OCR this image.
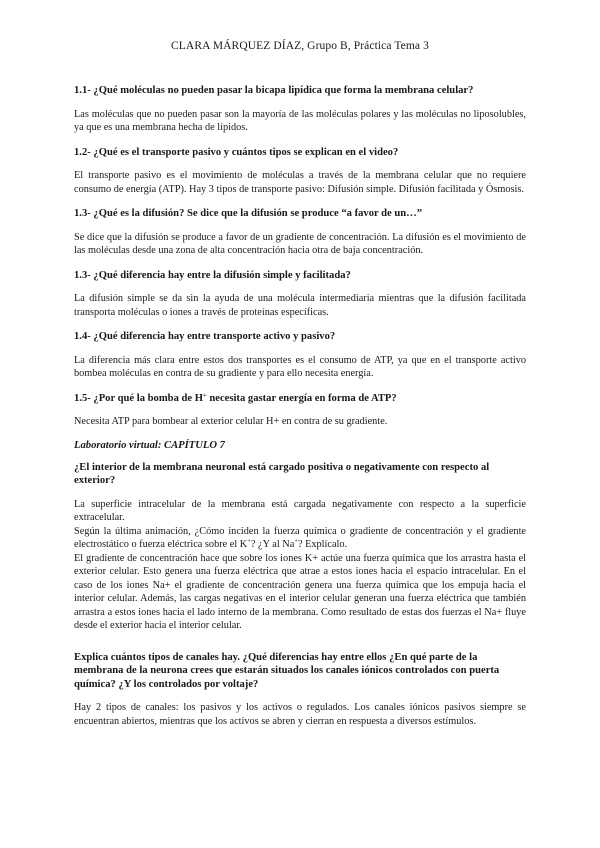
CLARA MÁRQUEZ DÍAZ, Grupo B, Práctica Tema 3

1.1- ¿Qué moléculas no pueden pasar la bicapa lipídica que forma la membrana celular?

Las moléculas que no pueden pasar son la mayoría de las moléculas polares y las moléculas no liposolubles, ya que es una membrana hecha de lípidos.

1.2- ¿Qué es el transporte pasivo y cuántos tipos se explican en el video?

El transporte pasivo es el movimiento de moléculas a través de la membrana celular que no requiere consumo de energía (ATP). Hay 3 tipos de transporte pasivo: Difusión simple. Difusión facilitada y Ósmosis.

1.3- ¿Qué es la difusión? Se dice que la difusión se produce “a favor de un…”

Se dice que la difusión se produce a favor de un gradiente de concentración. La difusión es el movimiento de las moléculas desde una zona de alta concentración hacia otra de baja concentración.

1.3- ¿Qué diferencia hay entre la difusión simple y facilitada?

La difusión simple se da sin la ayuda de una molécula intermediaria mientras que la difusión facilitada transporta moléculas o iones a través de proteínas específicas.

1.4- ¿Qué diferencia hay entre transporte activo y pasivo?

La diferencia más clara entre estos dos transportes es el consumo de ATP, ya que en el transporte activo bombea moléculas en contra de su gradiente y para ello necesita energía.

1.5- ¿Por qué la bomba de H+ necesita gastar energía en forma de ATP?

Necesita ATP para bombear al exterior celular H+ en contra de su gradiente.

Laboratorio virtual: CAPÍTULO 7

¿El interior de la membrana neuronal está cargado positiva o negativamente con respecto al exterior?

La superficie intracelular de la membrana está cargada negativamente con respecto a la superficie extracelular.

Según la última animación, ¿Cómo inciden la fuerza química o gradiente de concentración y el gradiente electrostático o fuerza eléctrica sobre el K+? ¿Y al Na+? Explícalo.

El gradiente de concentración hace que sobre los iones K+ actúe una fuerza química que los arrastra hasta el exterior celular. Esto genera una fuerza eléctrica que atrae a estos iones hacia el espacio intracelular. En el caso de los iones Na+ el gradiente de concentración genera una fuerza química que los empuja hacia el interior celular. Además, las cargas negativas en el interior celular generan una fuerza eléctrica que también arrastra a estos iones hacia el lado interno de la membrana. Como resultado de estas dos fuerzas el Na+ fluye desde el exterior hacia el interior celular.

Explica cuántos tipos de canales hay. ¿Qué diferencias hay entre ellos ¿En qué parte de la membrana de la neurona crees que estarán situados los canales iónicos controlados con puerta química? ¿Y los controlados por voltaje?

Hay 2 tipos de canales: los pasivos y los activos o regulados. Los canales iónicos pasivos siempre se encuentran abiertos, mientras que los activos se abren y cierran en respuesta a diversos estímulos.
